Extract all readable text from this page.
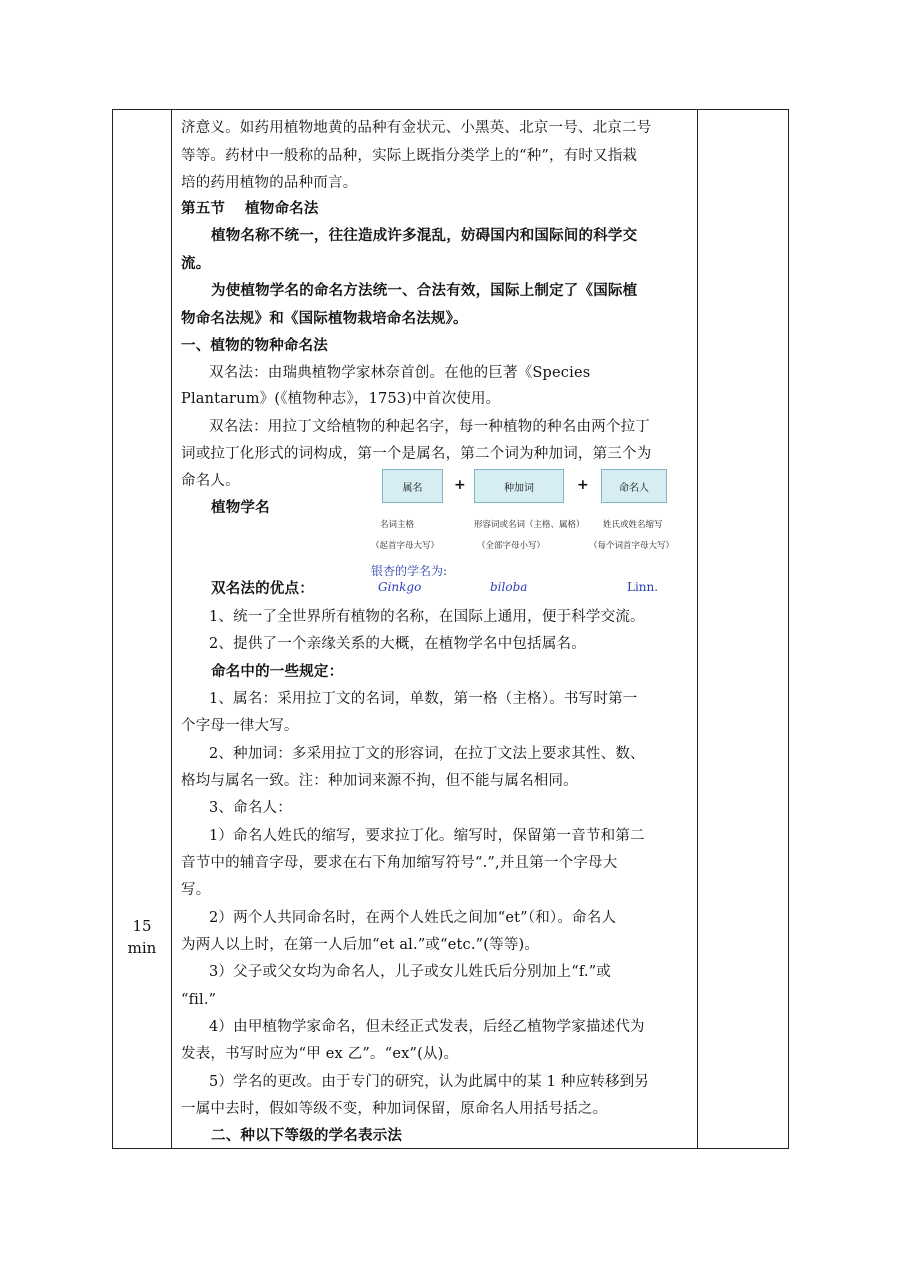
15
min
济意义。如药用植物地黄的品种有金状元、小黑英、北京一号、北京二号
等等。药材中一般称的品种，实际上既指分类学上的“种”，有时又指栽
培的药用植物的品种而言。
第五节　 植物命名法
植物名称不统一，往往造成许多混乱，妨碍国内和国际间的科学交
流。
为使植物学名的命名方法统一、合法有效，国际上制定了《国际植
物命名法规》和《国际植物栽培命名法规》。
一、植物的物种命名法
双名法：由瑞典植物学家林奈首创。在他的巨著《Species
Plantarum》(《植物种志》，1753)中首次使用。
双名法：用拉丁文给植物的种起名字，每一种植物的种名由两个拉丁
词或拉丁化形式的词构成，第一个是属名，第二个词为种加词，第三个为
命名人。
植物学名
属名	+	种加词	+	命名人
名词主格	形容词或名词（主格、属格） 姓氏或姓名缩写
（起首字母大写）	（全部字母小写）	（每个词首字母大写）
银杏的学名为:
Ginkgo	biloba	Linn.
双名法的优点：
1、统一了全世界所有植物的名称，在国际上通用，便于科学交流。
2、提供了一个亲缘关系的大概，在植物学名中包括属名。
命名中的一些规定：
1、属名：采用拉丁文的名词，单数，第一格（主格）。书写时第一
个字母一律大写。
2、种加词：多采用拉丁文的形容词，在拉丁文法上要求其性、数、
格均与属名一致。注：种加词来源不拘，但不能与属名相同。
3、命名人：
1）命名人姓氏的缩写，要求拉丁化。缩写时，保留第一音节和第二
音节中的辅音字母，要求在右下角加缩写符号“.”,并且第一个字母大
写。
2）两个人共同命名时，在两个人姓氏之间加“et”（和）。命名人
为两人以上时，在第一人后加“et al.”或“etc.”(等等)。
3）父子或父女均为命名人，儿子或女儿姓氏后分别加上“f.”或
“fil.”
4）由甲植物学家命名，但未经正式发表，后经乙植物学家描述代为
发表，书写时应为“甲 ex 乙”。“ex”(从)。
5）学名的更改。由于专门的研究，认为此属中的某 1 种应转移到另
一属中去时，假如等级不变，种加词保留，原命名人用括号括之。
二、种以下等级的学名表示法
